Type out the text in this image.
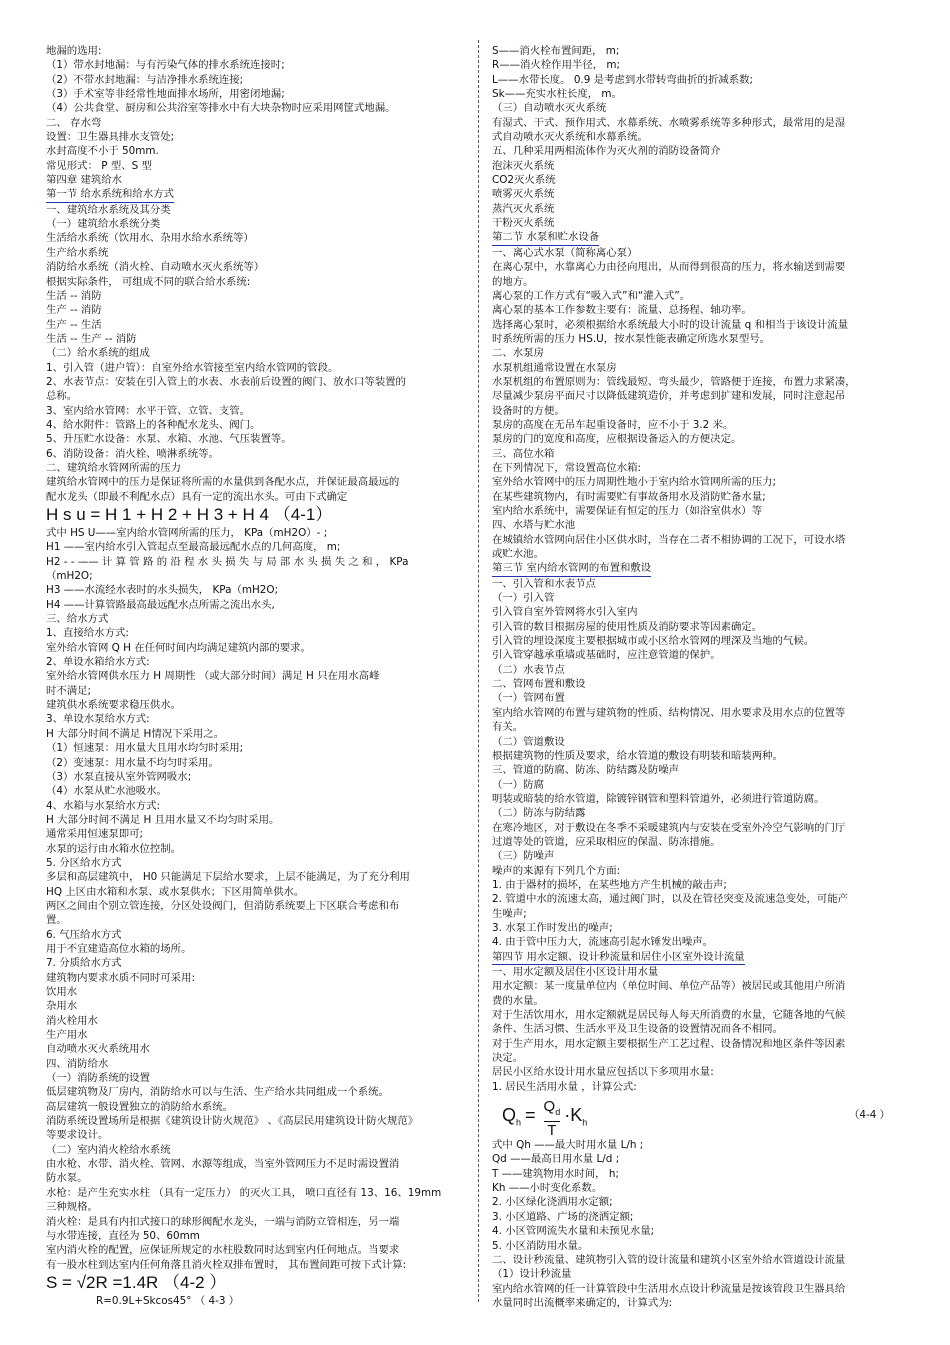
地漏的选用:

（1）带水封地漏：与有污染气体的排水系统连接时;

（2）不带水封地漏：与洁净排水系统连接;

（3）手术室等非经常性地面排水场所，用密闭地漏;

（4）公共食堂、厨房和公共浴室等排水中有大块杂物时应采用网筐式地漏。

二、 存水弯

设置：卫生器具排水支管处;

水封高度不小于 50mm.

常见形式： P 型、S 型

第四章 建筑给水

第一节 给水系统和给水方式

一、建筑给水系统及其分类

（一）建筑给水系统分类

生活给水系统（饮用水、杂用水给水系统等）

生产给水系统

消防给水系统（消火栓、自动喷水灭火系统等）

根据实际条件， 可组成不同的联合给水系统:

生活 -- 消防

生产 -- 消防

生产 -- 生活

生活 -- 生产 -- 消防

（二）给水系统的组成

1、引入管（进户管）：自室外给水管接至室内给水管网的管段。

2、水表节点：安装在引入管上的水表、水表前后设置的阀门、放水口等装置的

总称。

3、室内给水管网：水平干管、立管、支管。

4、给水附件：管路上的各种配水龙头、阀门。

5、升压贮水设备：水泵、水箱、水池、气压装置等。

6、消防设备：消火栓、喷淋系统等。

二、建筑给水管网所需的压力

建筑给水管网中的压力是保证将所需的水量供到各配水点，并保证最高最远的

配水龙头（即最不利配水点）具有一定的流出水头。可由下式确定

H s u = H 1 + H 2 + H 3 + H 4 （4-1）

式中 HS U——室内给水管网所需的压力， KPa（mH2O）- ;

H1 ——室内给水引入管起点至最高最远配水点的几何高度， m;

H2 - - —— 计 算 管 路 的 沿 程 水 头 损 失 与 局 部 水 头 损 失 之 和 ， KPa

（mH2O;

H3 ——水流经水表时的水头损失， KPa（mH2O;

H4 ——计算管路最高最远配水点所需之流出水头,

三、给水方式

1、直接给水方式:

室外给水管网 Q H 在任何时间内均满足建筑内部的要求。

2、单设水箱给水方式:

室外给水管网供水压力 H 周期性 （或大部分时间）满足 H 只在用水高峰

时不满足;

建筑供水系统要求稳压供水。

3、单设水泵给水方式:

H 大部分时间不满足 H情况下采用之。

（1）恒速泵：用水量大且用水均匀时采用;

（2）变速泵：用水量不均匀时采用。

（3）水泵直接从室外管网吸水;

（4）水泵从贮水池吸水。

4、水箱与水泵给水方式:

H 大部分时间不满足 H 且用水量又不均匀时采用。

通常采用恒速泵即可;

水泵的运行由水箱水位控制。

5. 分区给水方式

多层和高层建筑中， H0 只能满足下层给水要求，上层不能满足，为了充分利用

HQ 上区由水箱和水泵、或水泵供水；下区用简单供水。

两区之间由个别立管连接，分区处设阀门，但消防系统要上下区联合考虑和布

置。

6. 气压给水方式

用于不宜建造高位水箱的场所。

7. 分质给水方式

建筑物内要求水质不同时可采用:

饮用水

杂用水

消火栓用水

生产用水

自动喷水灭火系统用水

四、消防给水

（一）消防系统的设置

低层建筑物及厂房内，消防给水可以与生活、生产给水共同组成一个系统。

高层建筑一般设置独立的消防给水系统。

消防系统设置场所是根据《建筑设计防火规范》 、《高层民用建筑设计防火规范》

等要求设计。

（二）室内消火栓给水系统

由水枪、水带、消火栓、管网、水源等组成，当室外管网压力不足时需设置消

防水泵。

水枪：是产生充实水柱 （具有一定压力） 的灭火工具， 喷口直径有 13、16、19mm

三种规格。

消火栓：是具有内扣式接口的球形阀配水龙头，一端与消防立管相连，另一端

与水带连接，直径为 50、60mm

室内消火栓的配置，应保证所规定的水柱股数同时达到室内任何地点。当要求

有一股水柱到达室内任何角落且消火栓双排布置时， 其布置间距可按下式计算:

S = √2R =1.4R （4-2 ）

R=0.9L+Skcos45° （ 4-3 ）

S——消火栓布置间距， m;

R——消火栓作用半径， m;

L——水带长度。 0.9 是考虑到水带转弯曲折的折减系数;

Sk——充实水柱长度， m。

（三）自动喷水灭火系统

有湿式、干式、预作用式、水幕系统、水喷雾系统等多种形式，最常用的是湿

式自动喷水灭火系统和水幕系统。

五、几种采用两相流体作为灭火剂的消防设备简介

泡沫灭火系统

CO2灭火系统

喷雾灭火系统

蒸汽灭火系统

干粉灭火系统

第二节 水泵和贮水设备

一、离心式水泵（简称离心泵）

在离心泵中，水靠离心力由径向甩出，从而得到很高的压力，将水输送到需要

的地方。

离心泵的工作方式有“吸入式”和“灌入式”。

离心泵的基本工作参数主要有：流量、总扬程、轴功率。

选择离心泵时，必须根据给水系统最大小时的设计流量 q 和相当于该设计流量

时系统所需的压力 HS.U，按水泵性能表确定所选水泵型号。

二、水泵房

水泵机组通常设置在水泵房

水泵机组的布置原则为：管线最短、弯头最少，管路便于连接，布置力求紧凑，

尽量减少泵房平面尺寸以降低建筑造价，并考虑到扩建和发展，同时注意起吊

设备时的方便。

泵房的高度在无吊车起重设备时，应不小于 3.2 米。

泵房的门的宽度和高度，应根据设备运入的方便决定。

三、高位水箱

在下列情况下，常设置高位水箱:

室外给水管网中的压力周期性地小于室内给水管网所需的压力;

在某些建筑物内，有时需要贮有事故备用水及消防贮备水量;

室内给水系统中，需要保证有恒定的压力（如浴室供水）等

四、水塔与贮水池

在城镇给水管网向居住小区供水时，当存在二者不相协调的工况下，可设水塔

或贮水池。

第三节 室内给水管网的布置和敷设

一、引入管和水表节点

（一）引入管

引入管自室外管网将水引入室内

引入管的数目根据房屋的使用性质及消防要求等因素确定。

引入管的埋设深度主要根据城市或小区给水管网的埋深及当地的气候。

引入管穿越承重墙或基础时，应注意管道的保护。

（二）水表节点

二、管网布置和敷设

（一）管网布置

室内给水管网的布置与建筑物的性质、结构情况、用水要求及用水点的位置等

有关。

（二）管道敷设

根据建筑物的性质及要求，给水管道的敷设有明装和暗装两种。

三、管道的防腐、防冻、防结露及防噪声

（一）防腐

明装或暗装的给水管道，除镀锌钢管和塑料管道外，必须进行管道防腐。

（二）防冻与防结露

在寒冷地区，对于敷设在冬季不采暖建筑内与安装在受室外冷空气影响的门厅

过道等处的管道，应采取相应的保温、防冻措施。

（三）防噪声

噪声的来源有下列几个方面:

1. 由于器材的损坏，在某些地方产生机械的敲击声;

2. 管道中水的流速太高，通过阀门时，以及在管径突变及流速急变处，可能产

生噪声;

3. 水泵工作时发出的噪声;

4. 由于管中压力大，流速高引起水锤发出噪声。

第四节 用水定额、设计秒流量和居住小区室外设计流量

一、用水定额及居住小区设计用水量

用水定额：某一度量单位内（单位时间、单位产品等）被居民或其他用户所消

费的水量。

对于生活饮用水，用水定额就是居民每人每天所消费的水量，它随各地的气候

条件、生活习惯、生活水平及卫生设备的设置情况而各不相同。

对于生产用水，用水定额主要根据生产工艺过程、设备情况和地区条件等因素

决定。

居民小区给水设计用水量应包括以下多项用水量:

1. 居民生活用水量 ，计算公式:

$Q_h = \frac{Q_d}{T} \cdot K_h$
（4-4 ）

式中 Qh ——最大时用水量 L/h ;

Qd ——最高日用水量 L/d ;

T ——建筑物用水时间， h;

Kh ——小时变化系数。

2. 小区绿化浇洒用水定额;

3. 小区道路、广场的浇洒定额;

4. 小区管网流失水量和未预见水量;

5. 小区消防用水量。

二、设计秒流量、建筑物引入管的设计流量和建筑小区室外给水管道设计流量

（1）设计秒流量

室内给水管网的任一计算管段中生活用水点设计秒流量是按该管段卫生器具给

水量同时出流概率来确定的，计算式为:
